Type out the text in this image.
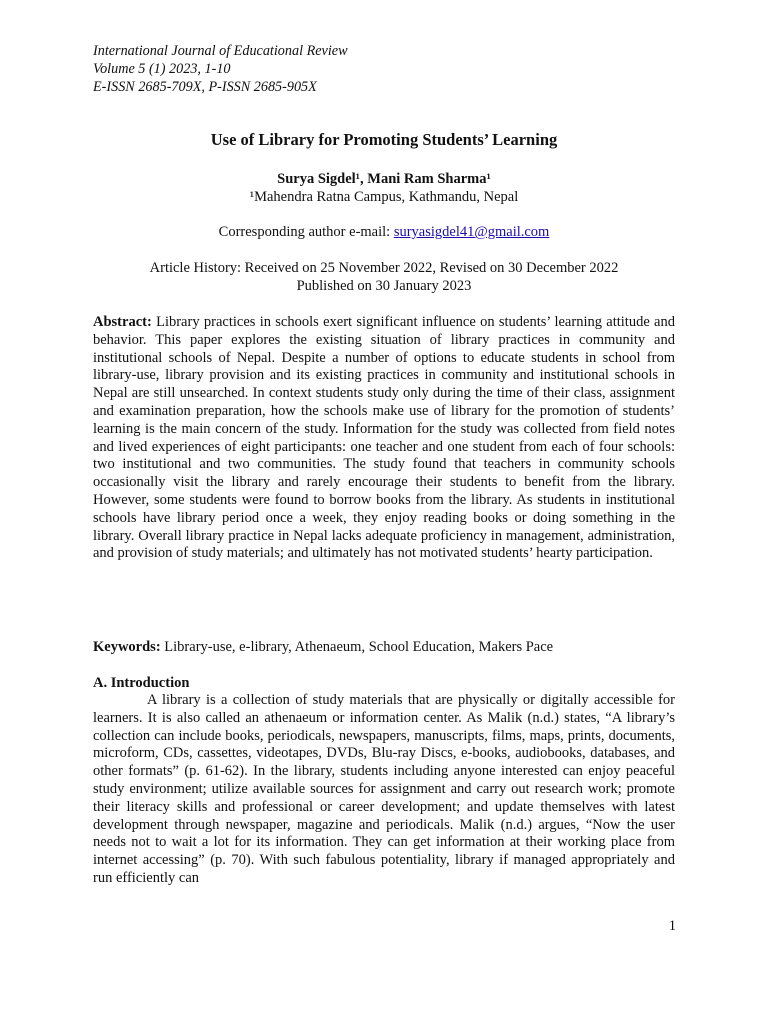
International Journal of Educational Review
Volume 5 (1) 2023, 1-10
E-ISSN 2685-709X, P-ISSN 2685-905X
Use of Library for Promoting Students’ Learning
Surya Sigdel¹, Mani Ram Sharma¹
¹Mahendra Ratna Campus, Kathmandu, Nepal
Corresponding author e-mail: suryasigdel41@gmail.com
Article History: Received on 25 November 2022, Revised on 30 December 2022
Published on 30 January 2023
Abstract: Library practices in schools exert significant influence on students’ learning attitude and behavior. This paper explores the existing situation of library practices in community and institutional schools of Nepal. Despite a number of options to educate students in school from library-use, library provision and its existing practices in community and institutional schools in Nepal are still unsearched. In context students study only during the time of their class, assignment and examination preparation, how the schools make use of library for the promotion of students’ learning is the main concern of the study. Information for the study was collected from field notes and lived experiences of eight participants: one teacher and one student from each of four schools: two institutional and two communities. The study found that teachers in community schools occasionally visit the library and rarely encourage their students to benefit from the library. However, some students were found to borrow books from the library. As students in institutional schools have library period once a week, they enjoy reading books or doing something in the library. Overall library practice in Nepal lacks adequate proficiency in management, administration, and provision of study materials; and ultimately has not motivated students’ hearty participation.
Keywords: Library-use, e-library, Athenaeum, School Education, Makers Pace
A. Introduction
A library is a collection of study materials that are physically or digitally accessible for learners. It is also called an athenaeum or information center. As Malik (n.d.) states, “A library’s collection can include books, periodicals, newspapers, manuscripts, films, maps, prints, documents, microform, CDs, cassettes, videotapes, DVDs, Blu-ray Discs, e-books, audiobooks, databases, and other formats” (p. 61-62). In the library, students including anyone interested can enjoy peaceful study environment; utilize available sources for assignment and carry out research work; promote their literacy skills and professional or career development; and update themselves with latest development through newspaper, magazine and periodicals. Malik (n.d.) argues, “Now the user needs not to wait a lot for its information. They can get information at their working place from internet accessing” (p. 70). With such fabulous potentiality, library if managed appropriately and run efficiently can
1
